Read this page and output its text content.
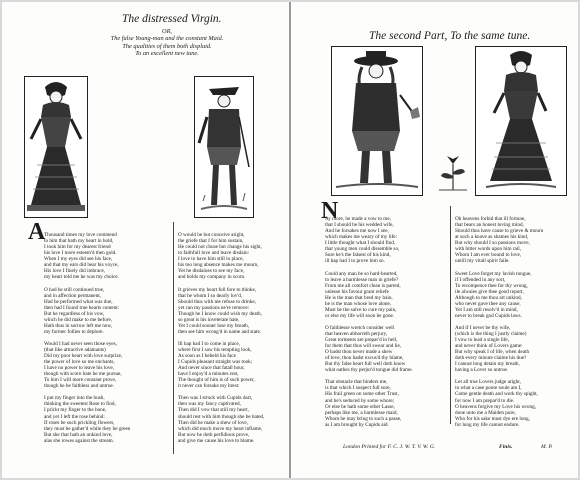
The distressed Virgin.
OR,
The false Young-man and the constant Maid.
The qualities of them both displaid.
To an excellent new tune.
A

Thousand times my love commend
to him that hath my heart in hold,
I took him for my dearest friend
his love I more esteem'd then gold.
When I my eyes did see his face,
and that my ears did hear his voyce,
His love I finely did imbrace,
my heart told me he was my choice.
O had he still continued true,
and in affection permanent,
Had he performed what was due,
then had I found true hearts content:
But he regardless of his vow,
which he did make to me before,
Hath thus in sorrow left me now,
my former follies to deplore.
Would I had never seen those eyes,
(that like attractive adamants)
Did my poor heart with love surprize,
the power of love so me enchants,
I have no power to leave his love,
though with scorn hate he me pursue,
To him I will more constant prove,
though he be faithless and untrue.
I put my finger into the bush,
thinking the sweetest Rose to find,
I prickt my finger to the bone,
and yet I left the rose behind:
If roses be such prickling flowers,
they must be gather'd while they be green
But she that hath an unkind love,
alas she rowes against the stream.

O would he but conceive aright,
the griefe that I for him sustain,
He could not chuse but change his sight,
to faithfull love and leave disdain:
I love to have him still in place,
his too long absence makes me mourn,
Yet he disdaines to see my face,
and holds my company in scorn.
It grieves my heart full fore to thinke,
that he whom I so dearly lov'd,
Should thus with me refuse to drinke,
yet can my passions ne're remove:
Though he I know could wish my death,
so great is his inveterate hate,
Yet I could sooner lose my breath,
then see him wrong'd in name and state.
Ill hap had I to come in place,
where first I saw his tempting look,
As soon as I beheld his face
I Cupids pleasant straight was took;
And never since that fatall hour,
have I enjoy'd a minutes rest,
The thought of him is of such power,
it never can forsake my brest:
Then was I struck with Cupids dart,
then was my fancy captivated,
Then did I vow that still my heart,
should rest with him though she be hated,
Then did he make a shew of love,
which did much move my heart inflame,
But now he doth perfidious prove,
and give me cause his love to blame.

The second Part, To the same tune.
N

Ay more, he made a vow to me,
that I should be his wedded wife,
And he forsakes me now I see,
which makes me weary of my life:
I little thought what I should find,
that young men could dissemble so,
Sure he's the falsest of his kind,
ill hap had I to prove him so.
Could any man be so hard-hearted,
to leave a harmlesse man in griefe?
From me all comfort clean is parted,
unlesse his favour grant reliefe
He is the man that bred my bain,
he is the man whose love alone,
Must be the salve to cure my pain,
or else my life will soon be gone.
O faithlesse wretch consider well
that heaven abhorreth perjury,
Great torments are prepar'd in hell,
for them that thus will swear and lie,
O hadst thou never made a shew
of love, thou hadst excus'd thy blame,
But thy false heart full well doth know
what oathes thy perjur'd tongue did frame.
That obstacle that hinders me,
is that which I suspect full sore,
His frail green on some other Trust,
and he's seduced by some whore;
Or else he hath some other Lasse,
perhaps like me, a harmlesse maid,
Whom he may bring to such a passe,
as I am brought by Cupids aid.

Oh heavens forbid that ill fortune,
that bears an honest loving mind,
Should thus have cause to grieve & mourn
at such a knave as shames his kind,
But why should I so passions move,
with bitter words upon him rail,
Whom I am ever bound to love,
untill my vitall spirit faile.
Sweet Love forget my lavish tongue,
if I offended in any sort,
To recompence thee for thy wrong,
ile alwaies give thee good report,
Although to me thou art unkind,
who never gave thee any cause,
Yet I am still resolv'd in mind,
never to break god Cupids laws.
And if I never be thy wife,
(which is the thing I justly claime)
I vow to lead a single life,
and never think of Lovers game:
But why speak I of life, when death
doth every minute claime his due?
I cannot long detain my breath,
having a Lover so untrue.
Let all true Lovers judge aright,
in what a case poore soule am I,
Come gentle death and work thy spight,
for now I am prepar'd to die.
O heavens forgive my Love his wrong,
done unto me a Maiden pure,
Who for his sake must dye ere long,
for long my life cannot endure.

London Printed for F. C. J. W. T. V. W. G.	Finis.	M. P.
